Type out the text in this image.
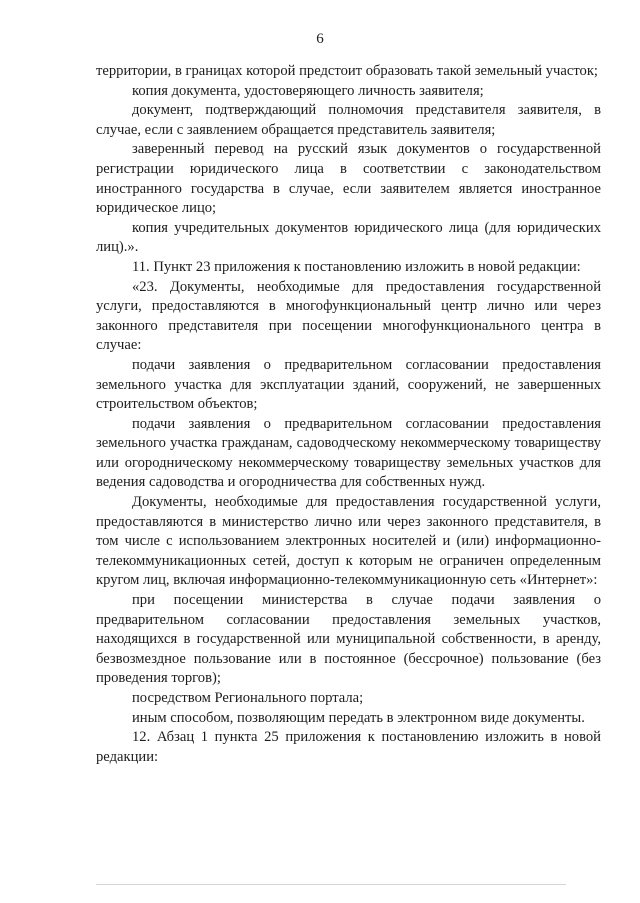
6

территории, в границах которой предстоит образовать такой земельный участок;

копия документа, удостоверяющего личность заявителя;

документ, подтверждающий полномочия представителя заявителя, в случае, если с заявлением обращается представитель заявителя;

заверенный перевод на русский язык документов о государственной регистрации юридического лица в соответствии с законодательством иностранного государства в случае, если заявителем является иностранное юридическое лицо;

копия учредительных документов юридического лица (для юридических лиц).».

11. Пункт 23 приложения к постановлению изложить в новой редакции:

«23. Документы, необходимые для предоставления государственной услуги, предоставляются в многофункциональный центр лично или через законного представителя при посещении многофункционального центра в случае:

подачи заявления о предварительном согласовании предоставления земельного участка для эксплуатации зданий, сооружений, не завершенных строительством объектов;

подачи заявления о предварительном согласовании предоставления земельного участка гражданам, садоводческому некоммерческому товариществу или огородническому некоммерческому товариществу земельных участков для ведения садоводства и огородничества для собственных нужд.

Документы, необходимые для предоставления государственной услуги, предоставляются в министерство лично или через законного представителя, в том числе с использованием электронных носителей и (или) информационно-телекоммуникационных сетей, доступ к которым не ограничен определенным кругом лиц, включая информационно-телекоммуникационную сеть «Интернет»:

при посещении министерства в случае подачи заявления о предварительном согласовании предоставления земельных участков, находящихся в государственной или муниципальной собственности, в аренду, безвозмездное пользование или в постоянное (бессрочное) пользование (без проведения торгов);

посредством Регионального портала;

иным способом, позволяющим передать в электронном виде документы.

12. Абзац 1 пункта 25 приложения к постановлению изложить в новой редакции:
